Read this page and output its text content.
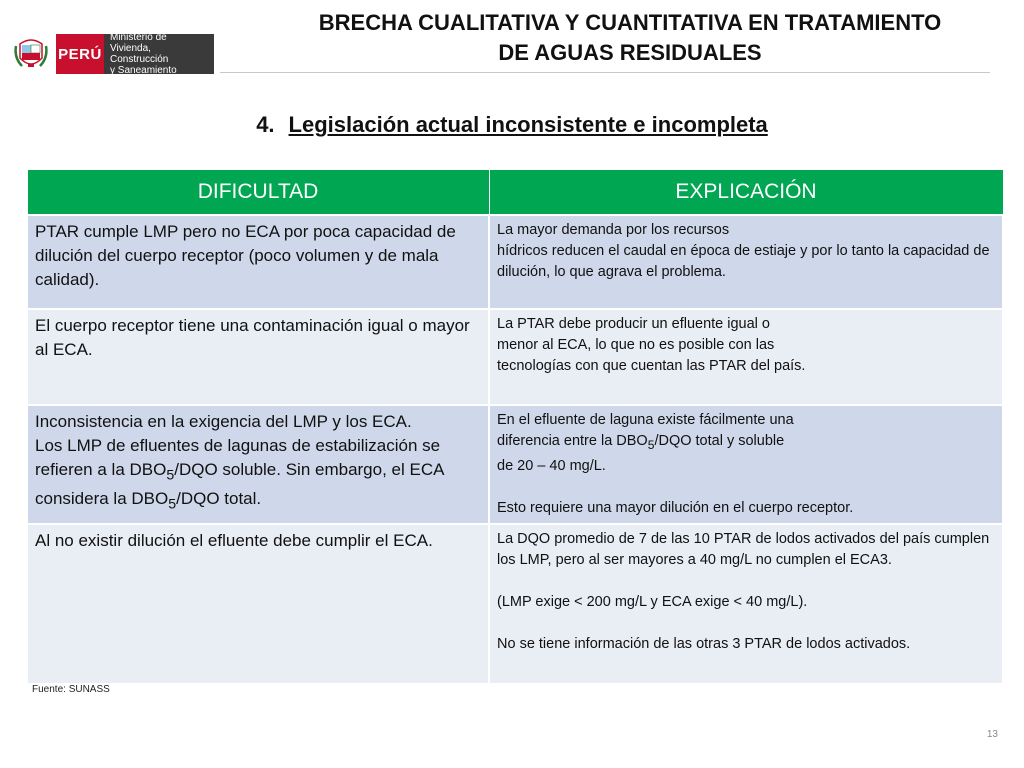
PERÚ
Ministerio de
Vivienda, Construcción
y Saneamiento
BRECHA CUALITATIVA Y CUANTITATIVA EN TRATAMIENTO
DE AGUAS RESIDUALES
4. Legislación actual inconsistente e incompleta
DIFICULTAD	EXPLICACIÓN
PTAR cumple LMP pero no ECA por poca capacidad de dilución del cuerpo receptor (poco volumen y de mala calidad).	La mayor demanda por los recursos
hídricos reducen el caudal en época de estiaje y por lo tanto la capacidad de dilución, lo que agrava el problema.
El cuerpo receptor tiene una contaminación igual o mayor al ECA.	La PTAR debe producir un efluente igual o
menor al ECA, lo que no es posible con las
tecnologías con que cuentan las PTAR del país.
Inconsistencia en la exigencia del LMP y los ECA.
Los LMP de efluentes de lagunas de estabilización se refieren a la $DBO_5$/DQO soluble. Sin embargo, el ECA considera la $DBO_5$/DQO total.	En el efluente de laguna existe fácilmente una
diferencia entre la $DBO_5$/DQO total y soluble
de 20 – 40 mg/L.
Esto requiere una mayor dilución en el cuerpo receptor.
Al no existir dilución el efluente debe cumplir el ECA.	La DQO promedio de 7 de las 10 PTAR de lodos activados del país cumplen los LMP, pero al ser mayores a 40 mg/L no cumplen el ECA3.
(LMP exige < 200 mg/L y ECA exige < 40 mg/L).
No se tiene información de las otras 3 PTAR de lodos activados.
Fuente: SUNASS
13
